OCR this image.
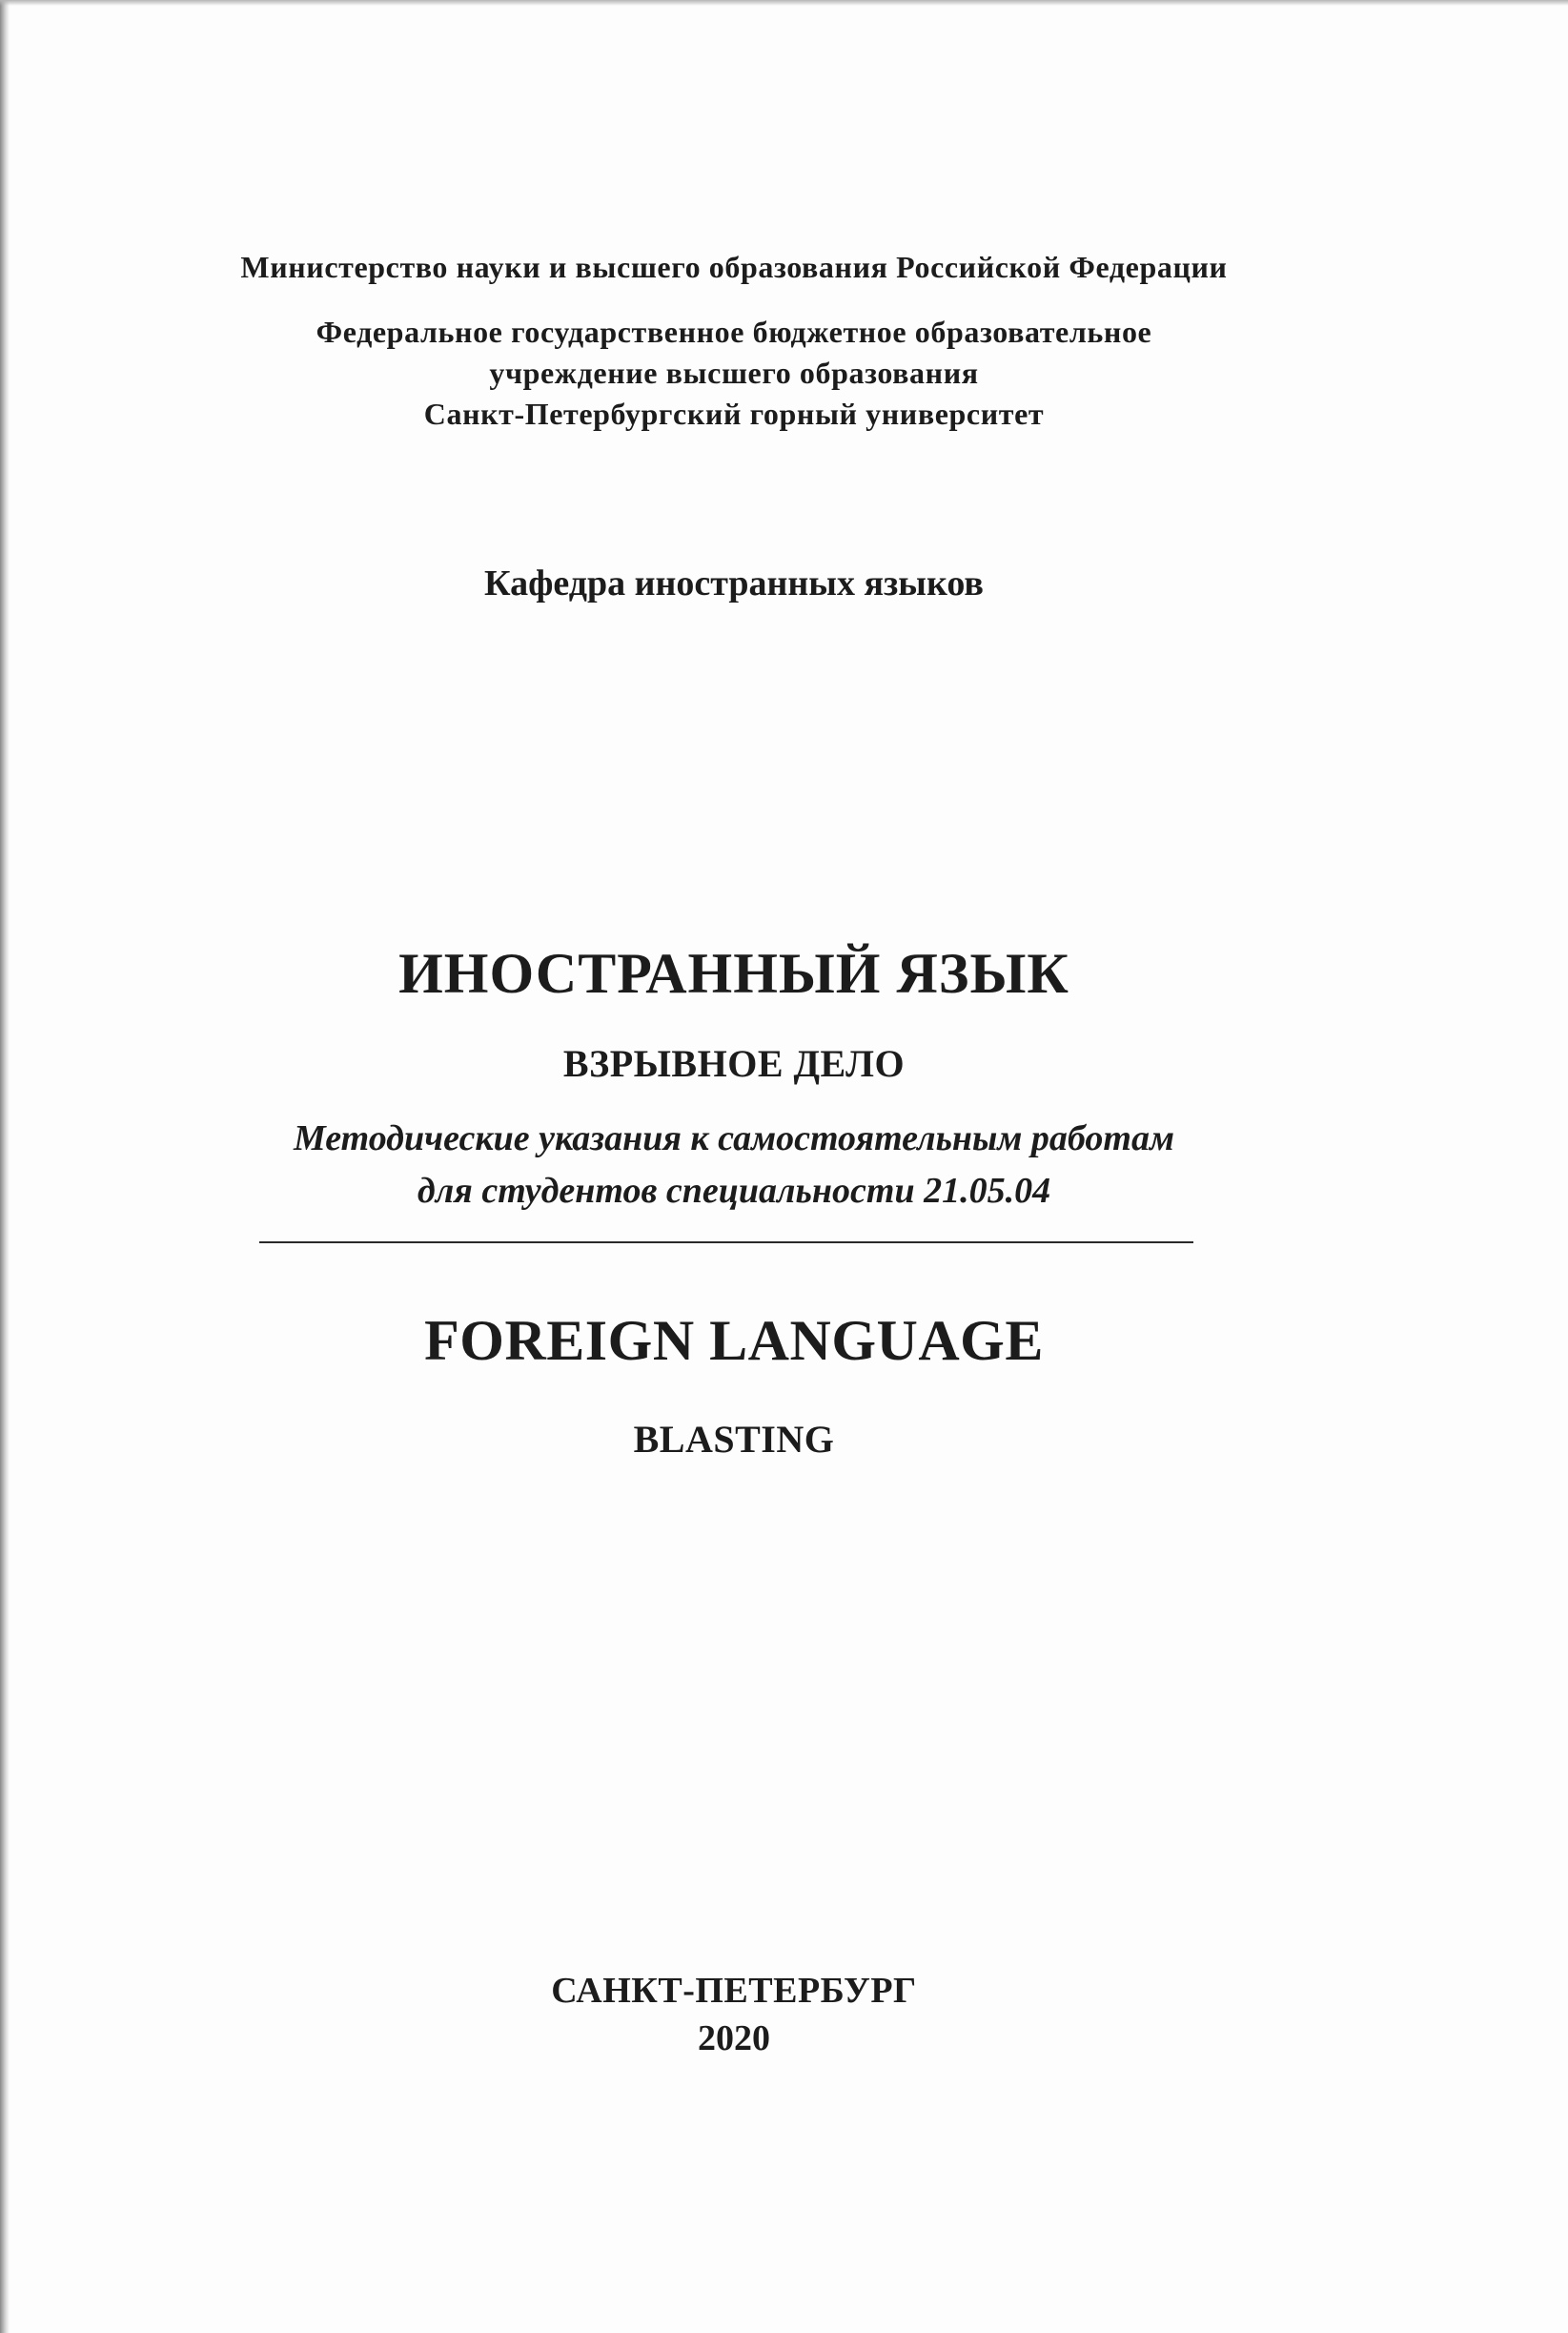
Министерство науки и высшего образования Российской Федерации
Федеральное государственное бюджетное образовательное
учреждение высшего образования
Санкт-Петербургский горный университет
Кафедра иностранных языков
ИНОСТРАННЫЙ ЯЗЫК
ВЗРЫВНОЕ ДЕЛО
Методические указания к самостоятельным работам
для студентов специальности 21.05.04
FOREIGN LANGUAGE
BLASTING
САНКТ-ПЕТЕРБУРГ
2020
